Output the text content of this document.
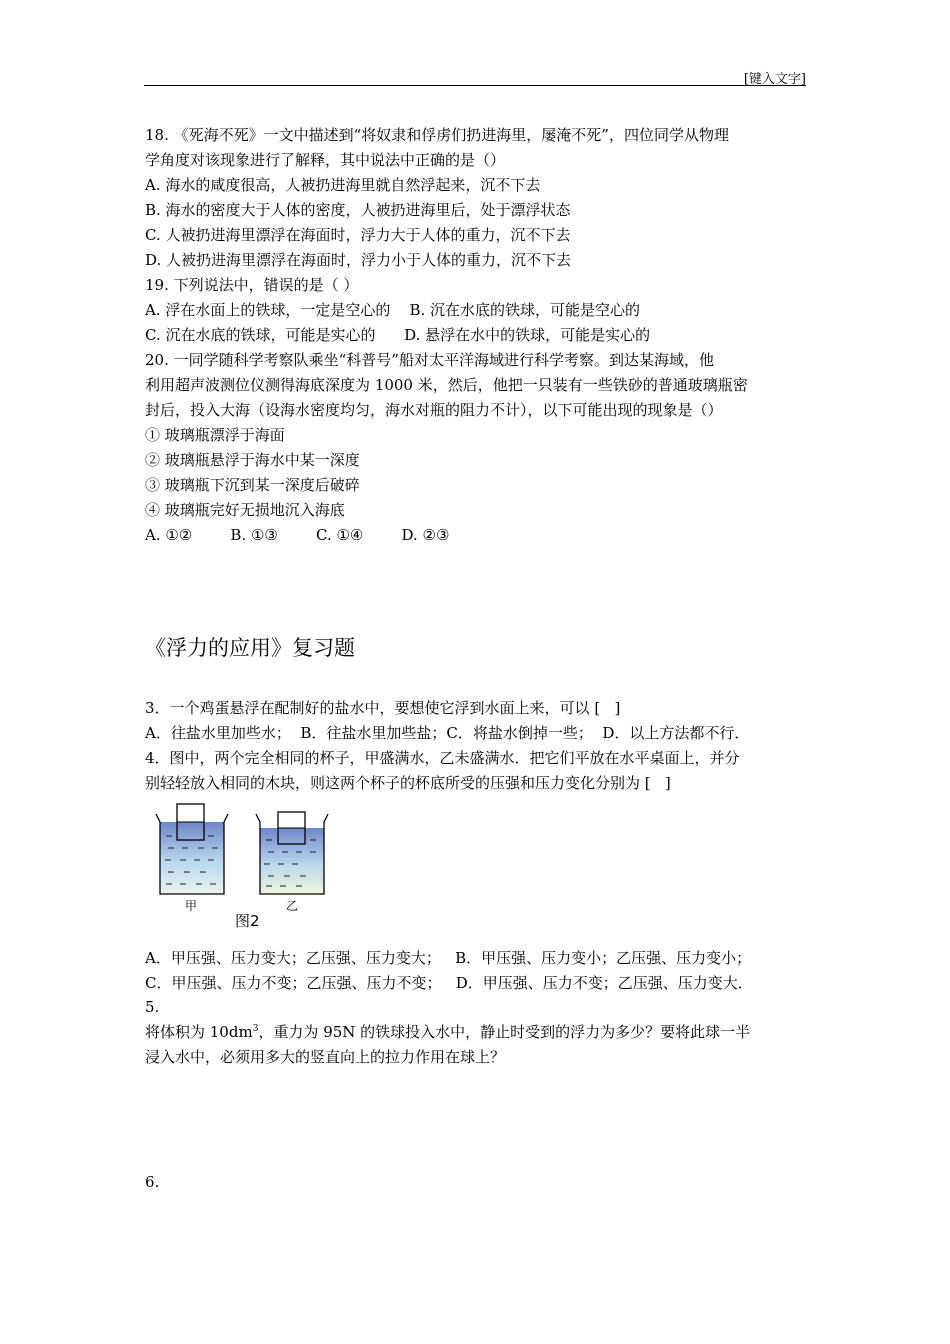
[键入文字]
18. 《死海不死》一文中描述到“将奴隶和俘虏们扔进海里，屡淹不死”，四位同学从物理
学角度对该现象进行了解释，其中说法中正确的是（）
A. 海水的咸度很高，人被扔进海里就自然浮起来，沉不下去
B. 海水的密度大于人体的密度，人被扔进海里后，处于漂浮状态
C. 人被扔进海里漂浮在海面时，浮力大于人体的重力，沉不下去
D. 人被扔进海里漂浮在海面时，浮力小于人体的重力，沉不下去
19. 下列说法中，错误的是（ ）
A. 浮在水面上的铁球，一定是空心的    B. 沉在水底的铁球，可能是空心的
C. 沉在水底的铁球，可能是实心的      D. 悬浮在水中的铁球，可能是实心的
20. 一同学随科学考察队乘坐“科普号”船对太平洋海域进行科学考察。到达某海域，他
利用超声波测位仪测得海底深度为 1000 米，然后，他把一只装有一些铁砂的普通玻璃瓶密
封后，投入大海（设海水密度均匀，海水对瓶的阻力不计），以下可能出现的现象是（）
① 玻璃瓶漂浮于海面
② 玻璃瓶悬浮于海水中某一深度
③ 玻璃瓶下沉到某一深度后破碎
④ 玻璃瓶完好无损地沉入海底
A. ①②        B. ①③        C. ①④        D. ②③
《浮力的应用》复习题
3．一个鸡蛋悬浮在配制好的盐水中，要想使它浮到水面上来，可以 [   ]
A．往盐水里加些水；  B．往盐水里加些盐；C．将盐水倒掉一些；  D．以上方法都不行．
4．图中，两个完全相同的杯子，甲盛满水，乙未盛满水．把它们平放在水平桌面上，并分
别轻轻放入相同的木块，则这两个杯子的杯底所受的压强和压力变化分别为 [   ]
甲	乙
图2
A．甲压强、压力变大；乙压强、压力变大；   B．甲压强、压力变小；乙压强、压力变小；
C．甲压强、压力不变；乙压强、压力不变；   D．甲压强、压力不变；乙压强、压力变大．
5.
将体积为 $10dm^3$，重力为 95N 的铁球投入水中，静止时受到的浮力为多少？要将此球一半
浸入水中，必须用多大的竖直向上的拉力作用在球上？
6.
